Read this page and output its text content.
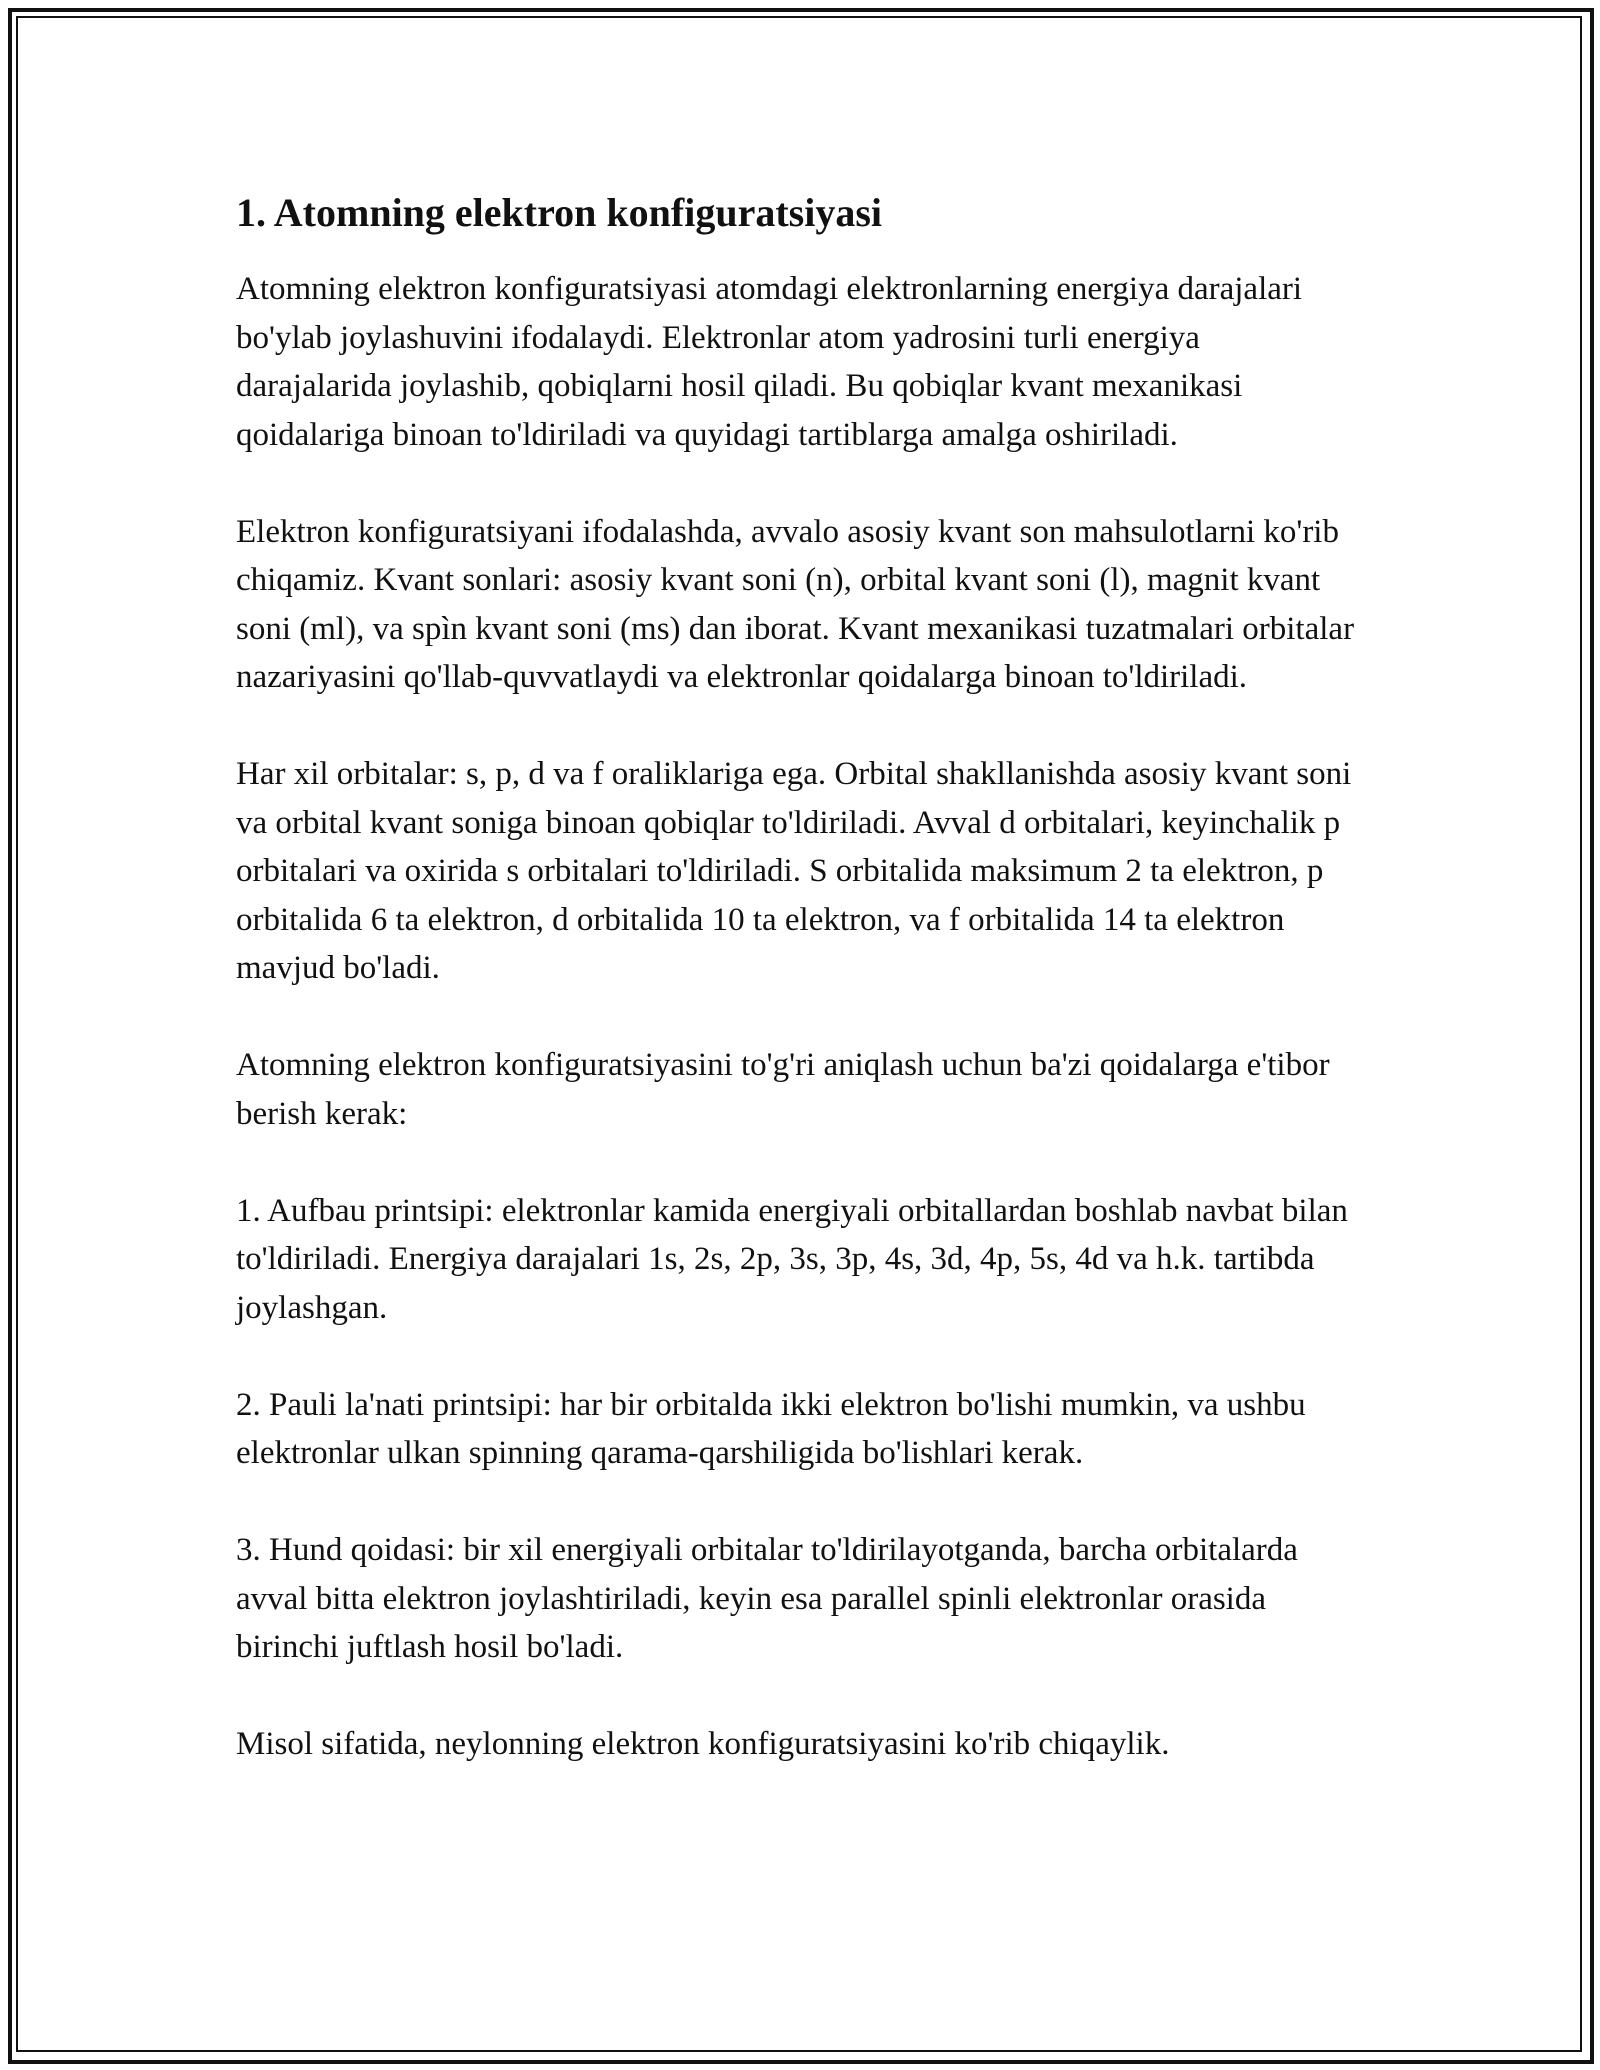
1. Atomning elektron konfiguratsiyasi

Atomning elektron konfiguratsiyasi atomdagi elektronlarning energiya darajalari bo'ylab joylashuvini ifodalaydi. Elektronlar atom yadrosini turli energiya darajalarida joylashib, qobiqlarni hosil qiladi. Bu qobiqlar kvant mexanikasi qoidalariga binoan to'ldiriladi va quyidagi tartiblarga amalga oshiriladi.

Elektron konfiguratsiyani ifodalashda, avvalo asosiy kvant son mahsulotlarni ko'rib chiqamiz. Kvant sonlari: asosiy kvant soni (n), orbital kvant soni (l), magnit kvant soni (ml), va spìn kvant soni (ms) dan iborat. Kvant mexanikasi tuzatmalari orbitalar nazariyasini qo'llab-quvvatlaydi va elektronlar qoidalarga binoan to'ldiriladi.

Har xil orbitalar: s, p, d va f oraliklariga ega. Orbital shakllanishda asosiy kvant soni va orbital kvant soniga binoan qobiqlar to'ldiriladi. Avval d orbitalari, keyinchalik p orbitalari va oxirida s orbitalari to'ldiriladi. S orbitalida maksimum 2 ta elektron, p orbitalida 6 ta elektron, d orbitalida 10 ta elektron, va f orbitalida 14 ta elektron mavjud bo'ladi.

Atomning elektron konfiguratsiyasini to'g'ri aniqlash uchun ba'zi qoidalarga e'tibor berish kerak:

1. Aufbau printsipi: elektronlar kamida energiyali orbitallardan boshlab navbat bilan to'ldiriladi. Energiya darajalari 1s, 2s, 2p, 3s, 3p, 4s, 3d, 4p, 5s, 4d va h.k. tartibda joylashgan.

2. Pauli la'nati printsipi: har bir orbitalda ikki elektron bo'lishi mumkin, va ushbu elektronlar ulkan spinning qarama-qarshiligida bo'lishlari kerak.

3. Hund qoidasi: bir xil energiyali orbitalar to'ldirilayotganda, barcha orbitalarda avval bitta elektron joylashtiriladi, keyin esa parallel spinli elektronlar orasida birinchi juftlash hosil bo'ladi.

Misol sifatida, neylonning elektron konfiguratsiyasini ko'rib chiqaylik.
